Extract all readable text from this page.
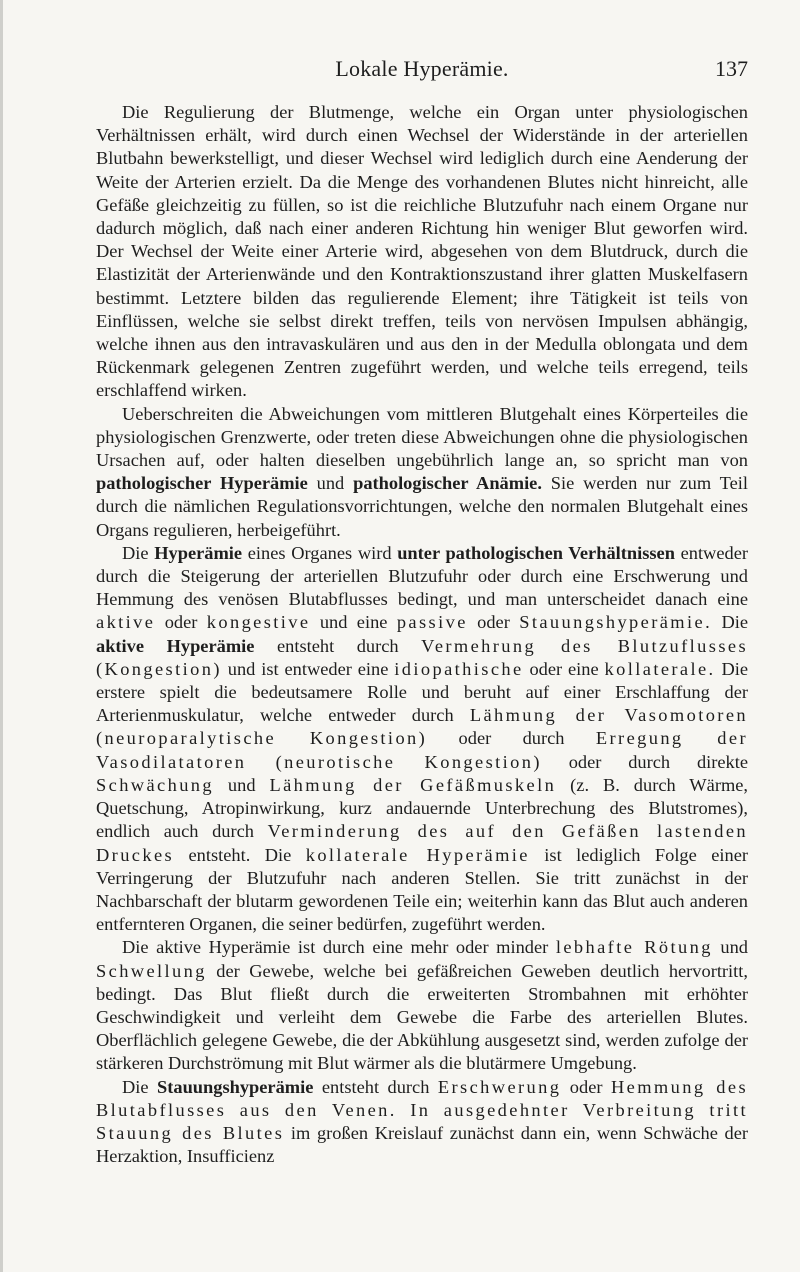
Lokale Hyperämie.	137

Die Regulierung der Blutmenge, welche ein Organ unter physiologischen Verhältnissen erhält, wird durch einen Wechsel der Widerstände in der arteriellen Blutbahn bewerkstelligt, und dieser Wechsel wird lediglich durch eine Aenderung der Weite der Arterien erzielt. Da die Menge des vorhandenen Blutes nicht hinreicht, alle Gefäße gleichzeitig zu füllen, so ist die reichliche Blutzufuhr nach einem Organe nur dadurch möglich, daß nach einer anderen Richtung hin weniger Blut geworfen wird. Der Wechsel der Weite einer Arterie wird, abgesehen von dem Blutdruck, durch die Elastizität der Arterienwände und den Kontraktionszustand ihrer glatten Muskelfasern bestimmt. Letztere bilden das regulierende Element; ihre Tätigkeit ist teils von Einflüssen, welche sie selbst direkt treffen, teils von nervösen Impulsen abhängig, welche ihnen aus den intravaskulären und aus den in der Medulla oblongata und dem Rückenmark gelegenen Zentren zugeführt werden, und welche teils erregend, teils erschlaffend wirken.

Ueberschreiten die Abweichungen vom mittleren Blutgehalt eines Körperteiles die physiologischen Grenzwerte, oder treten diese Abweichungen ohne die physiologischen Ursachen auf, oder halten dieselben ungebührlich lange an, so spricht man von pathologischer Hyperämie und pathologischer Anämie. Sie werden nur zum Teil durch die nämlichen Regulationsvorrichtungen, welche den normalen Blutgehalt eines Organs regulieren, herbeigeführt.

Die Hyperämie eines Organes wird unter pathologischen Verhältnissen entweder durch die Steigerung der arteriellen Blutzufuhr oder durch eine Erschwerung und Hemmung des venösen Blutabflusses bedingt, und man unterscheidet danach eine aktive oder kongestive und eine passive oder Stauungshyperämie. Die aktive Hyperämie entsteht durch Vermehrung des Blutzuflusses (Kongestion) und ist entweder eine idiopathische oder eine kollaterale. Die erstere spielt die bedeutsamere Rolle und beruht auf einer Erschlaffung der Arterienmuskulatur, welche entweder durch Lähmung der Vasomotoren (neuroparalytische Kongestion) oder durch Erregung der Vasodilatatoren (neurotische Kongestion) oder durch direkte Schwächung und Lähmung der Gefäßmuskeln (z. B. durch Wärme, Quetschung, Atropinwirkung, kurz andauernde Unterbrechung des Blutstromes), endlich auch durch Verminderung des auf den Gefäßen lastenden Druckes entsteht. Die kollaterale Hyperämie ist lediglich Folge einer Verringerung der Blutzufuhr nach anderen Stellen. Sie tritt zunächst in der Nachbarschaft der blutarm gewordenen Teile ein; weiterhin kann das Blut auch anderen entfernteren Organen, die seiner bedürfen, zugeführt werden.

Die aktive Hyperämie ist durch eine mehr oder minder lebhafte Rötung und Schwellung der Gewebe, welche bei gefäßreichen Geweben deutlich hervortritt, bedingt. Das Blut fließt durch die erweiterten Strombahnen mit erhöhter Geschwindigkeit und verleiht dem Gewebe die Farbe des arteriellen Blutes. Oberflächlich gelegene Gewebe, die der Abkühlung ausgesetzt sind, werden zufolge der stärkeren Durchströmung mit Blut wärmer als die blutärmere Umgebung.

Die Stauungshyperämie entsteht durch Erschwerung oder Hemmung des Blutabflusses aus den Venen. In ausgedehnter Verbreitung tritt Stauung des Blutes im großen Kreislauf zunächst dann ein, wenn Schwäche der Herzaktion, Insufficienz
